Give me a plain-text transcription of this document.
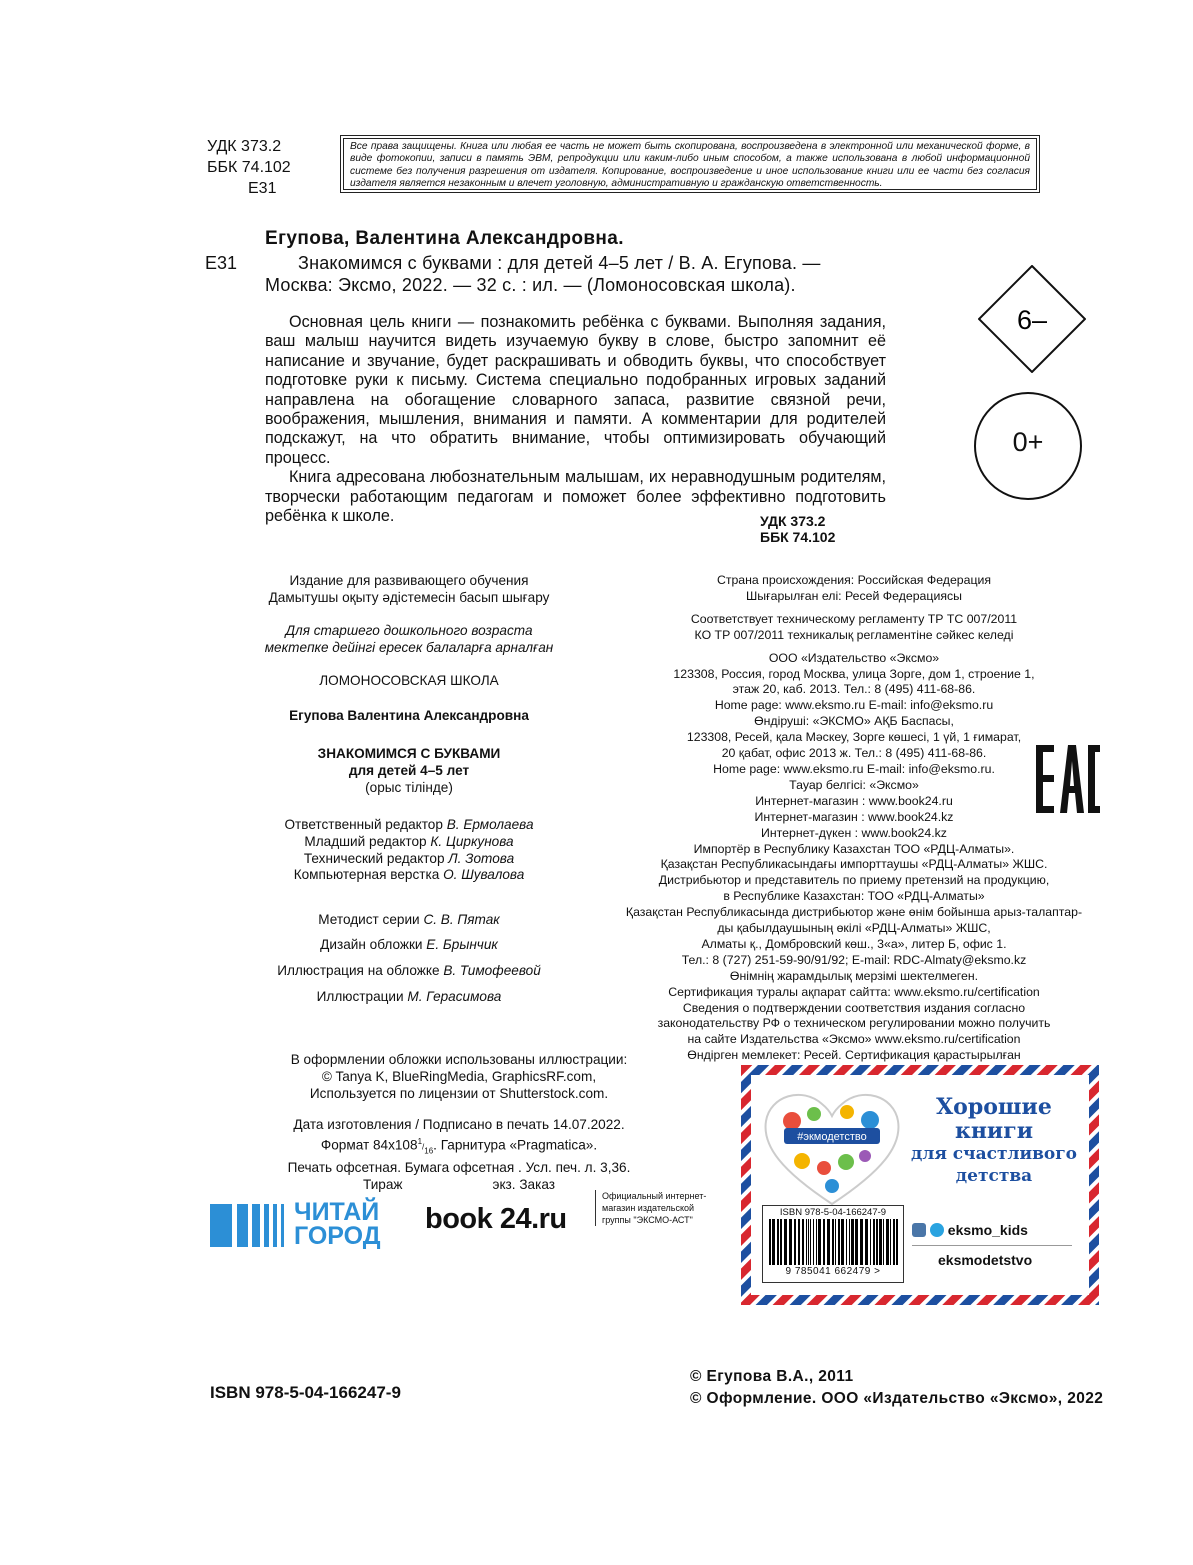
УДК 373.2
ББК 74.102
Е31
Все права защищены. Книга или любая ее часть не может быть скопирована, воспроизведена в электронной или механической форме, в виде фотокопии, записи в память ЭВМ, репродукции или каким-либо иным способом, а также использована в любой информационной системе без получения разрешения от издателя. Копирование, воспроизведение и иное использование книги или ее части без согласия издателя является незаконным и влечет уголовную, административную и гражданскую ответственность.
Егупова, Валентина Александровна.
Е31	Знакомимся с буквами : для детей 4–5 лет / В. А. Егупова. —
Москва: Эксмо, 2022. — 32 с. : ил. — (Ломоносовская школа).

Основная цель книги — познакомить ребёнка с буквами. Выполняя задания, ваш малыш научится видеть изучаемую букву в слове, быстро запомнит её написание и звучание, будет раскрашивать и обводить буквы, что способствует подготовке руки к письму. Система специально подобранных игровых заданий направлена на обогащение словарного запаса, развитие связной речи, воображения, мышления, внимания и памяти. А комментарии для родителей подскажут, на что обратить внимание, чтобы оптимизировать обучающий процесс.

Книга адресована любознательным малышам, их неравнодушным родителям, творчески работающим педагогам и поможет более эффективно подготовить ребёнка к школе.	УДК 373.2
ББК 74.102
6–
0+
Издание для развивающего обучения
Дамытушы оқыту әдістемесін басып шығару
Для старшего дошкольного возраста
мектепке дейінгі ересек балаларға арналған
ЛОМОНОСОВСКАЯ ШКОЛА
Егупова Валентина Александровна
ЗНАКОМИМСЯ С БУКВАМИ
для детей 4–5 лет
(орыс тілінде)
Ответственный редактор В. Ермолаева
Младший редактор К. Циркунова
Технический редактор Л. Зотова
Компьютерная верстка О. Шувалова
Методист серии С. В. Пятак
Дизайн обложки Е. Брынчик
Иллюстрация на обложке В. Тимофеевой
Иллюстрации М. Герасимова
В оформлении обложки использованы иллюстрации:
© Tanya K, BlueRingMedia, GraphicsRF.com,
Используется по лицензии от Shutterstock.com.
Дата изготовления / Подписано в печать 14.07.2022.
Формат $84x108^1/_{16}$. Гарнитура «Pragmatica».
Печать офсетная. Бумага офсетная . Усл. печ. л. 3,36.
Тираж	экз. Заказ
Страна происхождения: Российская Федерация
Шығарылған елі: Ресей Федерациясы
Соответствует техническому регламенту ТР ТС 007/2011
КО ТР 007/2011 техникалық регламентіне сәйкес келеді
ООО «Издательство «Эксмо»
123308, Россия, город Москва, улица Зорге, дом 1, строение 1,
этаж 20, каб. 2013. Тел.: 8 (495) 411-68-86.
Home page: www.eksmo.ru E-mail: info@eksmo.ru
Өндіруші: «ЭКСМО» АҚБ Баспасы,
123308, Ресей, қала Мәскеу, Зорге көшесі, 1 үй, 1 ғимарат,
20 қабат, офис 2013 ж. Тел.: 8 (495) 411-68-86.
Home page: www.eksmo.ru E-mail: info@eksmo.ru.
Тауар белгісі: «Эксмо»
Интернет-магазин : www.book24.ru
Интернет-магазин : www.book24.kz
Интернет-дүкен : www.book24.kz
Импортёр в Республику Казахстан ТОО «РДЦ-Алматы».
Қазақстан Республикасындағы импорттаушы «РДЦ-Алматы» ЖШС.
Дистрибьютор и представитель по приему претензий на продукцию,
в Республике Казахстан: ТОО «РДЦ-Алматы»
Қазақстан Республикасында дистрибьютор және өнім бойынша арыз-талаптар-
ды қабылдаушының өкілі «РДЦ-Алматы» ЖШС,
Алматы қ., Домбровский көш., 3«а», литер Б, офис 1.
Тел.: 8 (727) 251-59-90/91/92; E-mail: RDC-Almaty@eksmo.kz
Өнімнің жарамдылық мерзімі шектелмеген.
Сертификация туралы ақпарат сайтта: www.eksmo.ru/certification
Сведения о подтверждении соответствия издания согласно
законодательству РФ о техническом регулировании можно получить
на сайте Издательства «Эксмо» www.eksmo.ru/certification
Өндірген мемлекет: Ресей. Сертификация қарастырылған
EAC
ЧИТАЙ
ГОРОД
book 24.ru
Официальный интернет-магазин издательской группы "ЭКСМО-АСТ"
#экмодетство
Хорошие
книги
для счастливого
детства
ISBN 978-5-04-166247-9
9 785041 662479 >
eksmo_kids
eksmodetstvo
ISBN 978-5-04-166247-9
© Егупова В.А., 2011
© Оформление. ООО «Издательство «Эксмо», 2022
